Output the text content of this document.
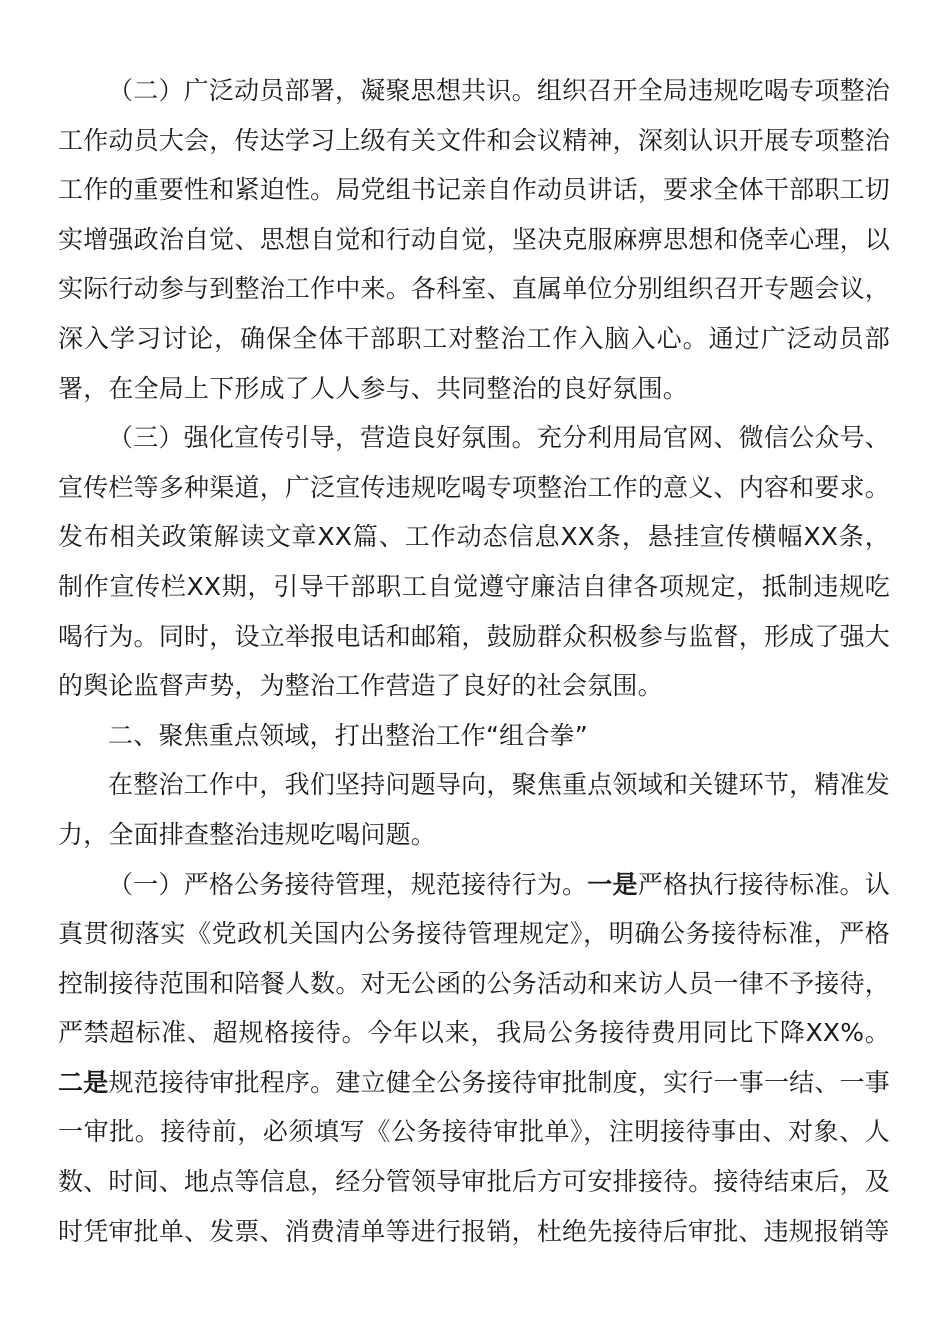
（二）广泛动员部署，凝聚思想共识。组织召开全局违规吃喝专项整治工作动员大会，传达学习上级有关文件和会议精神，深刻认识开展专项整治工作的重要性和紧迫性。局党组书记亲自作动员讲话，要求全体干部职工切实增强政治自觉、思想自觉和行动自觉，坚决克服麻痹思想和侥幸心理，以实际行动参与到整治工作中来。各科室、直属单位分别组织召开专题会议，深入学习讨论，确保全体干部职工对整治工作入脑入心。通过广泛动员部署，在全局上下形成了人人参与、共同整治的良好氛围。

（三）强化宣传引导，营造良好氛围。充分利用局官网、微信公众号、宣传栏等多种渠道，广泛宣传违规吃喝专项整治工作的意义、内容和要求。发布相关政策解读文章XX篇、工作动态信息XX条，悬挂宣传横幅XX条，制作宣传栏XX期，引导干部职工自觉遵守廉洁自律各项规定，抵制违规吃喝行为。同时，设立举报电话和邮箱，鼓励群众积极参与监督，形成了强大的舆论监督声势，为整治工作营造了良好的社会氛围。

二、聚焦重点领域，打出整治工作“组合拳”

在整治工作中，我们坚持问题导向，聚焦重点领域和关键环节，精准发力，全面排查整治违规吃喝问题。

（一）严格公务接待管理，规范接待行为。一是严格执行接待标准。认真贯彻落实《党政机关国内公务接待管理规定》，明确公务接待标准，严格控制接待范围和陪餐人数。对无公函的公务活动和来访人员一律不予接待，严禁超标准、超规格接待。今年以来，我局公务接待费用同比下降XX%。二是规范接待审批程序。建立健全公务接待审批制度，实行一事一结、一事一审批。接待前，必须填写《公务接待审批单》，注明接待事由、对象、人数、时间、地点等信息，经分管领导审批后方可安排接待。接待结束后，及时凭审批单、发票、消费清单等进行报销，杜绝先接待后审批、违规报销等
